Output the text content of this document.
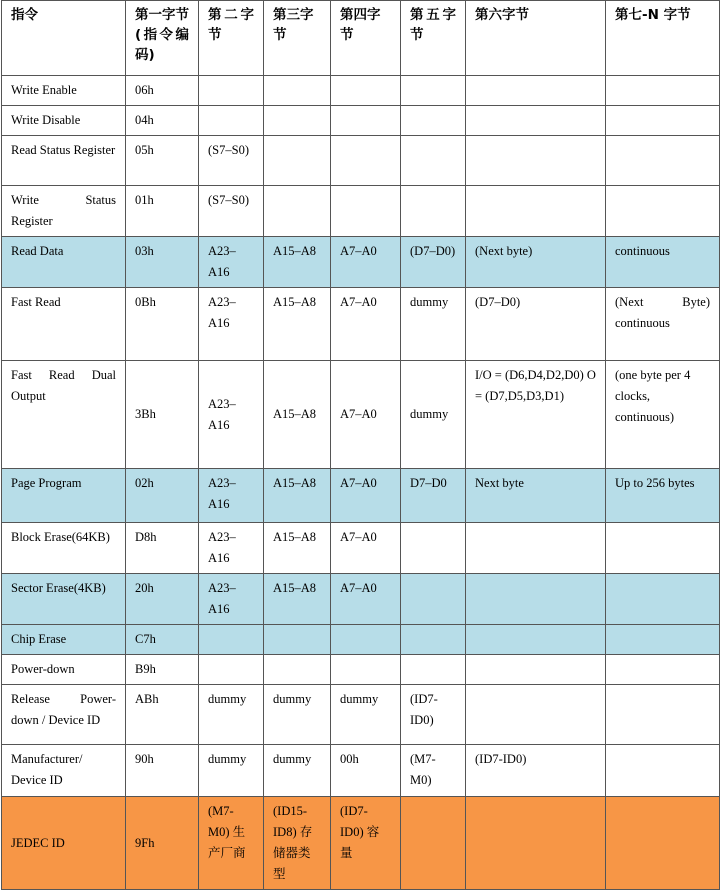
指令	第一字节(指令编码)	第二字节	第三字节	第四字节	第五字节	第六字节	第七-N 字节
Write Enable	06h						
Write Disable	04h						
Read Status Register	05h	(S7–S0)					
Write Status Register	01h	(S7–S0)					
Read Data	03h	A23–A16	A15–A8	A7–A0	(D7–D0)	(Next byte)	continuous
Fast Read	0Bh	A23–A16	A15–A8	A7–A0	dummy	(D7–D0)	(Next Byte) continuous
Fast Read Dual Output	3Bh	A23–A16	A15–A8	A7–A0	dummy	I/O = (D6,D4,D2,D0) O = (D7,D5,D3,D1)	(one byte per 4 clocks, continuous)
Page Program	02h	A23–A16	A15–A8	A7–A0	D7–D0	Next byte	Up to 256 bytes
Block Erase(64KB)	D8h	A23–A16	A15–A8	A7–A0			
Sector Erase(4KB)	20h	A23–A16	A15–A8	A7–A0			
Chip Erase	C7h						
Power-down	B9h						
Release Power-down / Device ID	ABh	dummy	dummy	dummy	(ID7-ID0)		
Manufacturer/ Device ID	90h	dummy	dummy	00h	(M7-M0)	(ID7-ID0)	
JEDEC ID	9Fh	(M7-M0) 生产厂商	(ID15-ID8) 存储器类型	(ID7-ID0) 容量			
